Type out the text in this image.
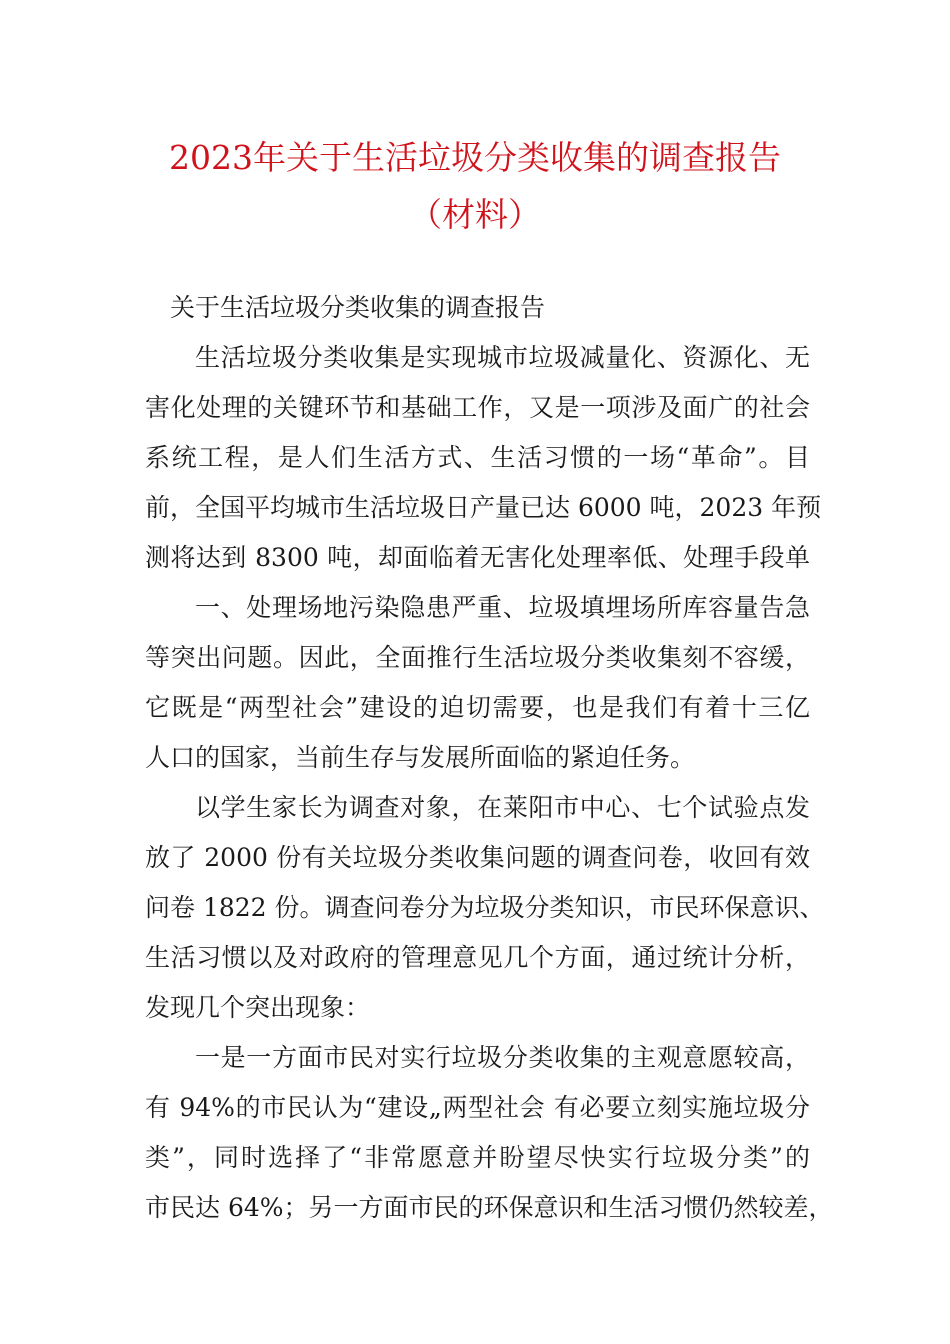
2023年关于生活垃圾分类收集的调查报告
（材料）
关于生活垃圾分类收集的调查报告
生活垃圾分类收集是实现城市垃圾减量化、资源化、无
害化处理的关键环节和基础工作，又是一项涉及面广的社会
系统工程，是人们生活方式、生活习惯的一场“革命”。目
前，全国平均城市生活垃圾日产量已达 6000 吨，2023 年预
测将达到 8300 吨，却面临着无害化处理率低、处理手段单
一、处理场地污染隐患严重、垃圾填埋场所库容量告急
等突出问题。因此，全面推行生活垃圾分类收集刻不容缓，
它既是“两型社会”建设的迫切需要，也是我们有着十三亿
人口的国家，当前生存与发展所面临的紧迫任务。
以学生家长为调查对象，在莱阳市中心、七个试验点发
放了 2000 份有关垃圾分类收集问题的调查问卷，收回有效
问卷 1822 份。调查问卷分为垃圾分类知识，市民环保意识、
生活习惯以及对政府的管理意见几个方面，通过统计分析，
发现几个突出现象：
一是一方面市民对实行垃圾分类收集的主观意愿较高，
有 94%的市民认为“建设„两型社会 有必要立刻实施垃圾分
类”，同时选择了“非常愿意并盼望尽快实行垃圾分类”的
市民达 64%；另一方面市民的环保意识和生活习惯仍然较差，
